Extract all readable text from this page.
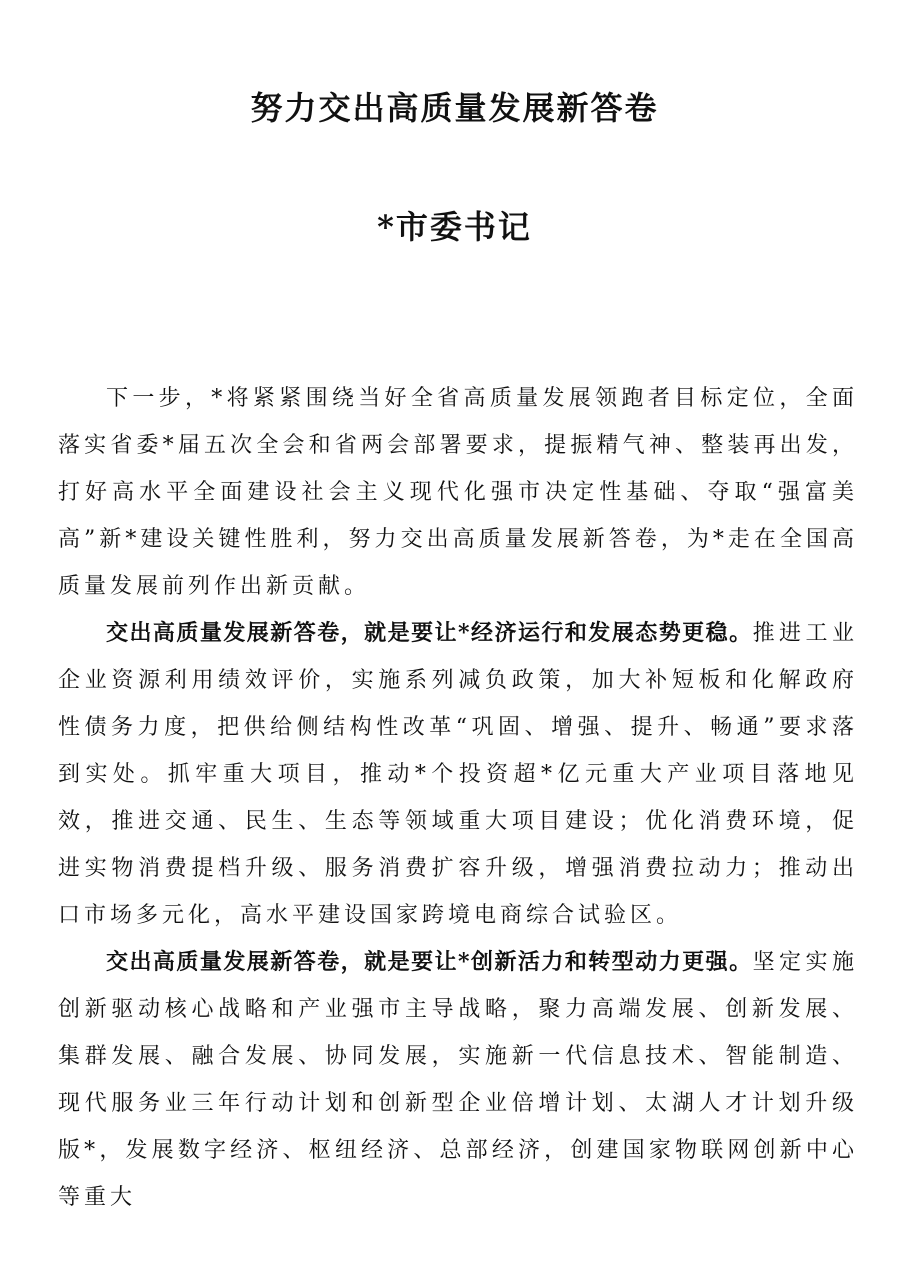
努力交出高质量发展新答卷
*市委书记

下一步，*将紧紧围绕当好全省高质量发展领跑者目标定位，全面落实省委*届五次全会和省两会部署要求，提振精气神、整装再出发，打好高水平全面建设社会主义现代化强市决定性基础、夺取“强富美高”新*建设关键性胜利，努力交出高质量发展新答卷，为*走在全国高质量发展前列作出新贡献。

交出高质量发展新答卷，就是要让*经济运行和发展态势更稳。推进工业企业资源利用绩效评价，实施系列减负政策，加大补短板和化解政府性债务力度，把供给侧结构性改革“巩固、增强、提升、畅通”要求落到实处。抓牢重大项目，推动*个投资超*亿元重大产业项目落地见效，推进交通、民生、生态等领域重大项目建设；优化消费环境，促进实物消费提档升级、服务消费扩容升级，增强消费拉动力；推动出口市场多元化，高水平建设国家跨境电商综合试验区。

交出高质量发展新答卷，就是要让*创新活力和转型动力更强。坚定实施创新驱动核心战略和产业强市主导战略，聚力高端发展、创新发展、集群发展、融合发展、协同发展，实施新一代信息技术、智能制造、现代服务业三年行动计划和创新型企业倍增计划、太湖人才计划升级版*，发展数字经济、枢纽经济、总部经济，创建国家物联网创新中心等重大
